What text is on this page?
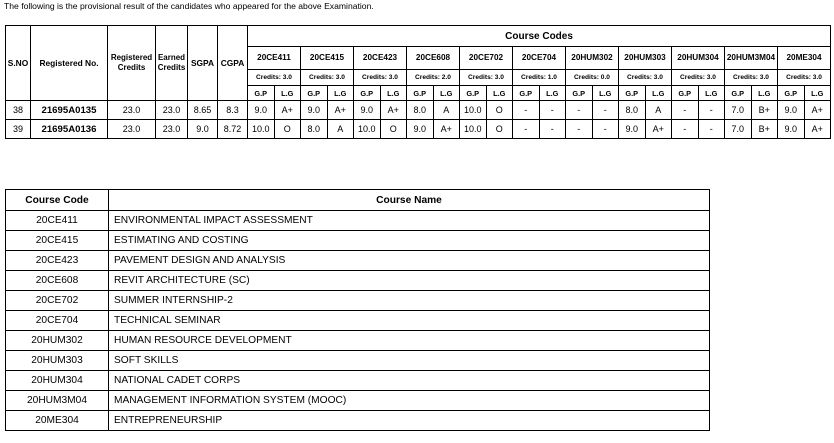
The following is the provisional result of the candidates who appeared for the above Examination.
S.NO	Registered No.	Registered Credits	Earned Credits	SGPA	CGPA	Course Codes																					
						20CE411		20CE415		20CE423		20CE608		20CE702		20CE704		20HUM302		20HUM303		20HUM304		20HUM3M04		20ME304	
						Credits: 3.0		Credits: 3.0		Credits: 3.0		Credits: 2.0		Credits: 3.0		Credits: 1.0		Credits: 0.0		Credits: 3.0		Credits: 3.0		Credits: 3.0		Credits: 3.0	
						G.P	L.G	G.P	L.G	G.P	L.G	G.P	L.G	G.P	L.G	G.P	L.G	G.P	L.G	G.P	L.G	G.P	L.G	G.P	L.G	G.P	L.G
38	21695A0135	23.0	23.0	8.65	8.3	9.0	A+	9.0	A+	9.0	A+	8.0	A	10.0	O	-	-	-	-	8.0	A	-	-	7.0	B+	9.0	A+
39	21695A0136	23.0	23.0	9.0	8.72	10.0	O	8.0	A	10.0	O	9.0	A+	10.0	O	-	-	-	-	9.0	A+	-	-	7.0	B+	9.0	A+
Course Code	Course Name
20CE411	ENVIRONMENTAL IMPACT ASSESSMENT
20CE415	ESTIMATING AND COSTING
20CE423	PAVEMENT DESIGN AND ANALYSIS
20CE608	REVIT ARCHITECTURE (SC)
20CE702	SUMMER INTERNSHIP-2
20CE704	TECHNICAL SEMINAR
20HUM302	HUMAN RESOURCE DEVELOPMENT
20HUM303	SOFT SKILLS
20HUM304	NATIONAL CADET CORPS
20HUM3M04	MANAGEMENT INFORMATION SYSTEM (MOOC)
20ME304	ENTREPRENEURSHIP
